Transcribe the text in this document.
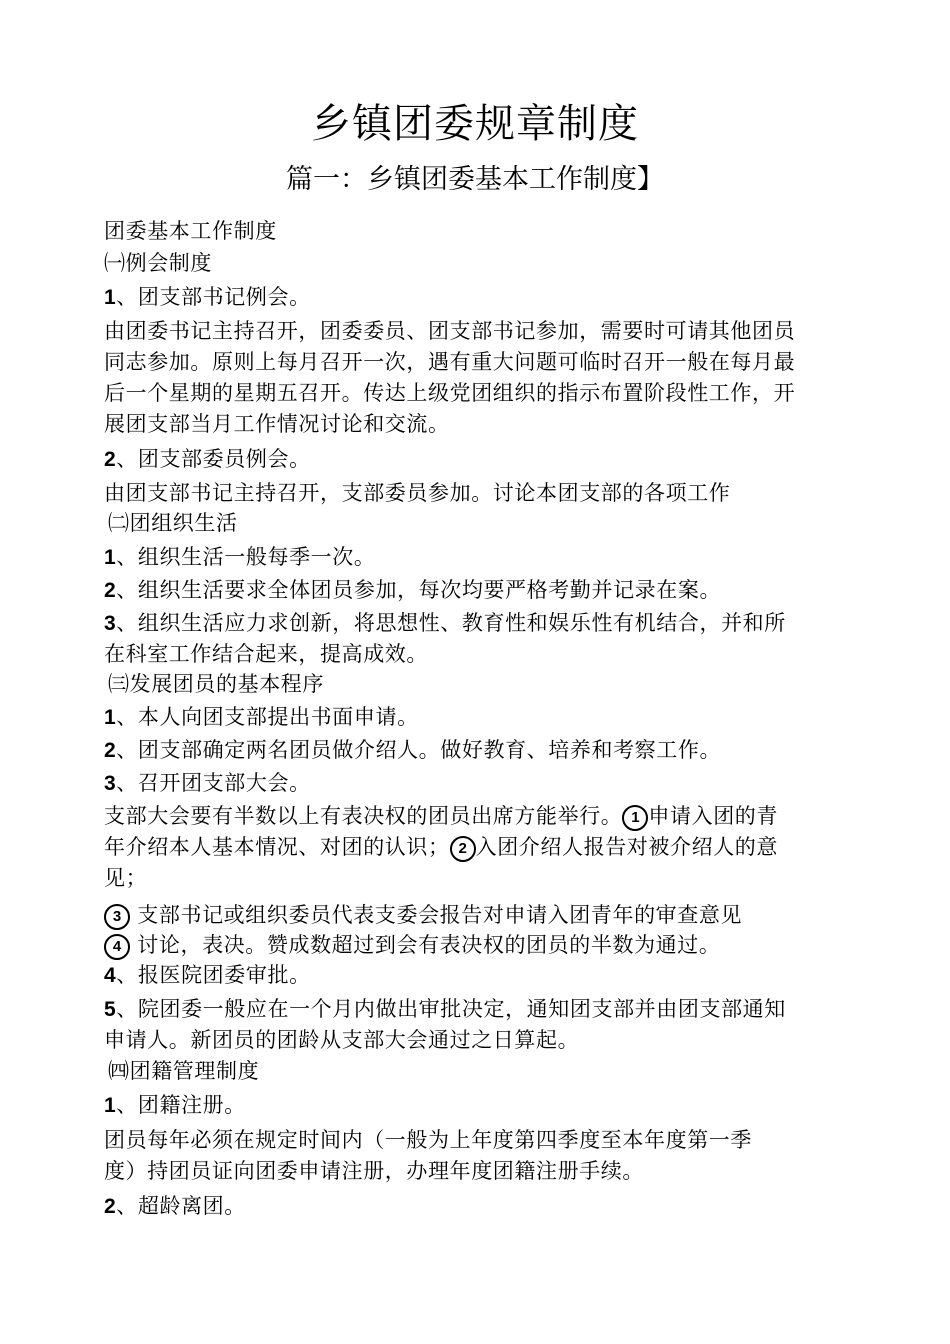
乡镇团委规章制度
篇一：乡镇团委基本工作制度】
团委基本工作制度
㈠例会制度
1、团支部书记例会。
由团委书记主持召开，团委委员、团支部书记参加，需要时可请其他团员
同志参加。原则上每月召开一次，遇有重大问题可临时召开一般在每月最
后一个星期的星期五召开。传达上级党团组织的指示布置阶段性工作，开
展团支部当月工作情况讨论和交流。
2、团支部委员例会。
由团支部书记主持召开，支部委员参加。讨论本团支部的各项工作
㈡团组织生活
1、组织生活一般每季一次。
2、组织生活要求全体团员参加，每次均要严格考勤并记录在案。
3、组织生活应力求创新，将思想性、教育性和娱乐性有机结合，并和所
在科室工作结合起来，提高成效。
㈢发展团员的基本程序
1、本人向团支部提出书面申请。
2、团支部确定两名团员做介绍人。做好教育、培养和考察工作。
3、召开团支部大会。
支部大会要有半数以上有表决权的团员出席方能举行。 1 申请入团的青
年介绍本人基本情况、对团的认识； 2 入团介绍人报告对被介绍人的意
见；
3 支部书记或组织委员代表支委会报告对申请入团青年的审查意见
4 讨论，表决。赞成数超过到会有表决权的团员的半数为通过。
4、报医院团委审批。
5、院团委一般应在一个月内做出审批决定，通知团支部并由团支部通知
申请人。新团员的团龄从支部大会通过之日算起。
㈣团籍管理制度
1、团籍注册。
团员每年必须在规定时间内（一般为上年度第四季度至本年度第一季
度）持团员证向团委申请注册，办理年度团籍注册手续。
2、超龄离团。
